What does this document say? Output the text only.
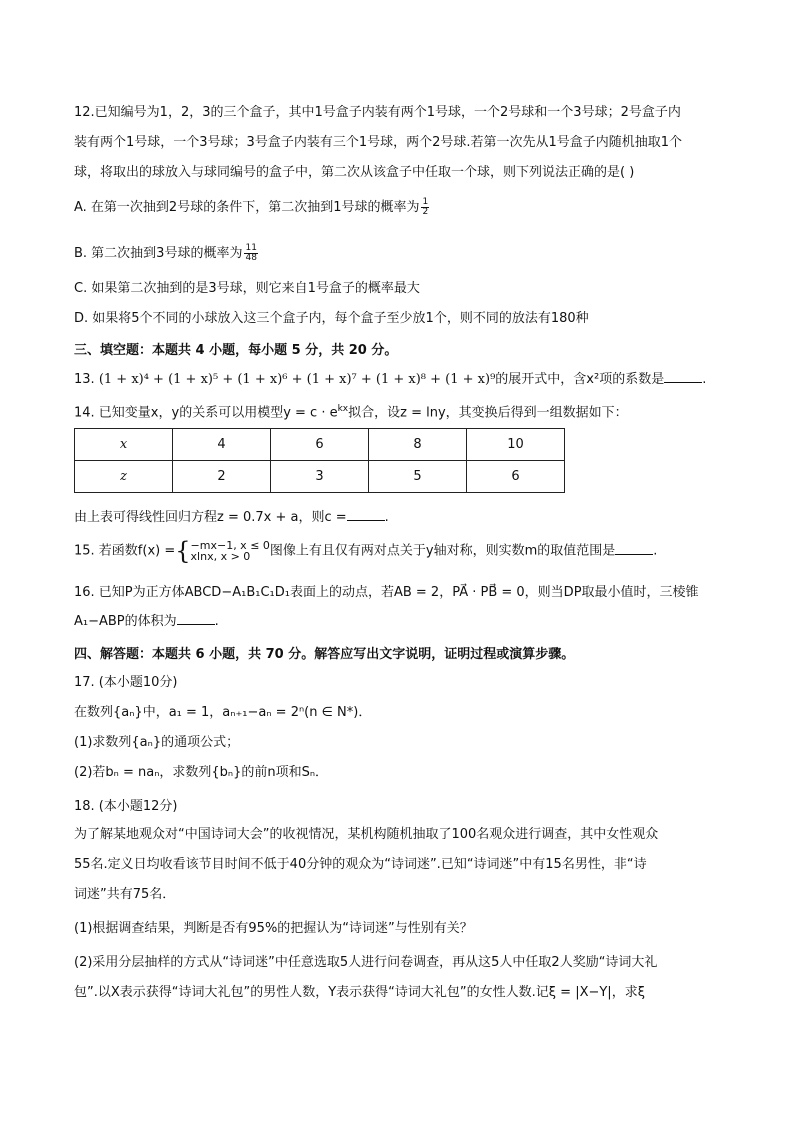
12.已知编号为1，2，3的三个盒子，其中1号盒子内装有两个1号球，一个2号球和一个3号球；2号盒子内
装有两个1号球，一个3号球；3号盒子内装有三个1号球，两个2号球.若第一次先从1号盒子内随机抽取1个
球，将取出的球放入与球同编号的盒子中，第二次从该盒子中任取一个球，则下列说法正确的是( )
A. 在第一次抽到2号球的条件下，第二次抽到1号球的概率为 $\frac{1}{2}$
B. 第二次抽到3号球的概率为 $\frac{11}{48}$
C. 如果第二次抽到的是3号球，则它来自1号盒子的概率最大
D. 如果将5个不同的小球放入这三个盒子内，每个盒子至少放1个，则不同的放法有180种
三、填空题：本题共 4 小题，每小题 5 分，共 20 分。
13. (1 + x)⁴ + (1 + x)⁵ + (1 + x)⁶ + (1 + x)⁷ + (1 + x)⁸ + (1 + x)⁹的展开式中，含x²项的系数是	.
14. 已知变量x，y的关系可以用模型$y = c \cdot e^{kx}$拟合，设z = lny，其变换后得到一组数据如下：
x	4	6	8	10
z	2	3	5	6
由上表可得线性回归方程z = 0.7x + a，则c =	.
15. 若函数f(x) ={ −mx−1, x ≤ 0
xlnx, x > 0	图像上有且仅有两对点关于y轴对称，则实数m的取值范围是	.
16. 已知P为正方体ABCD−A₁B₁C₁D₁表面上的动点，若AB = 2，PA⃗ · PB⃗ = 0，则当DP取最小值时，三棱锥
A₁−ABP的体积为	.
四、解答题：本题共 6 小题，共 70 分。解答应写出文字说明，证明过程或演算步骤。
17. (本小题10分)
在数列{aₙ}中，a₁ = 1，aₙ₊₁−aₙ = 2ⁿ(n ∈ N*)．
(1)求数列{aₙ}的通项公式；
(2)若bₙ = naₙ，求数列{bₙ}的前n项和Sₙ．
18. (本小题12分)
为了解某地观众对“中国诗词大会”的收视情况，某机构随机抽取了100名观众进行调查，其中女性观众
55名.定义日均收看该节目时间不低于40分钟的观众为“诗词迷”.已知“诗词迷”中有15名男性，非“诗
词迷”共有75名．
(1)根据调查结果，判断是否有95%的把握认为“诗词迷”与性别有关？
(2)采用分层抽样的方式从“诗词迷”中任意选取5人进行问卷调查，再从这5人中任取2人奖励“诗词大礼
包”.以X表示获得“诗词大礼包”的男性人数，Y表示获得“诗词大礼包”的女性人数.记ξ = |X−Y|，求ξ
